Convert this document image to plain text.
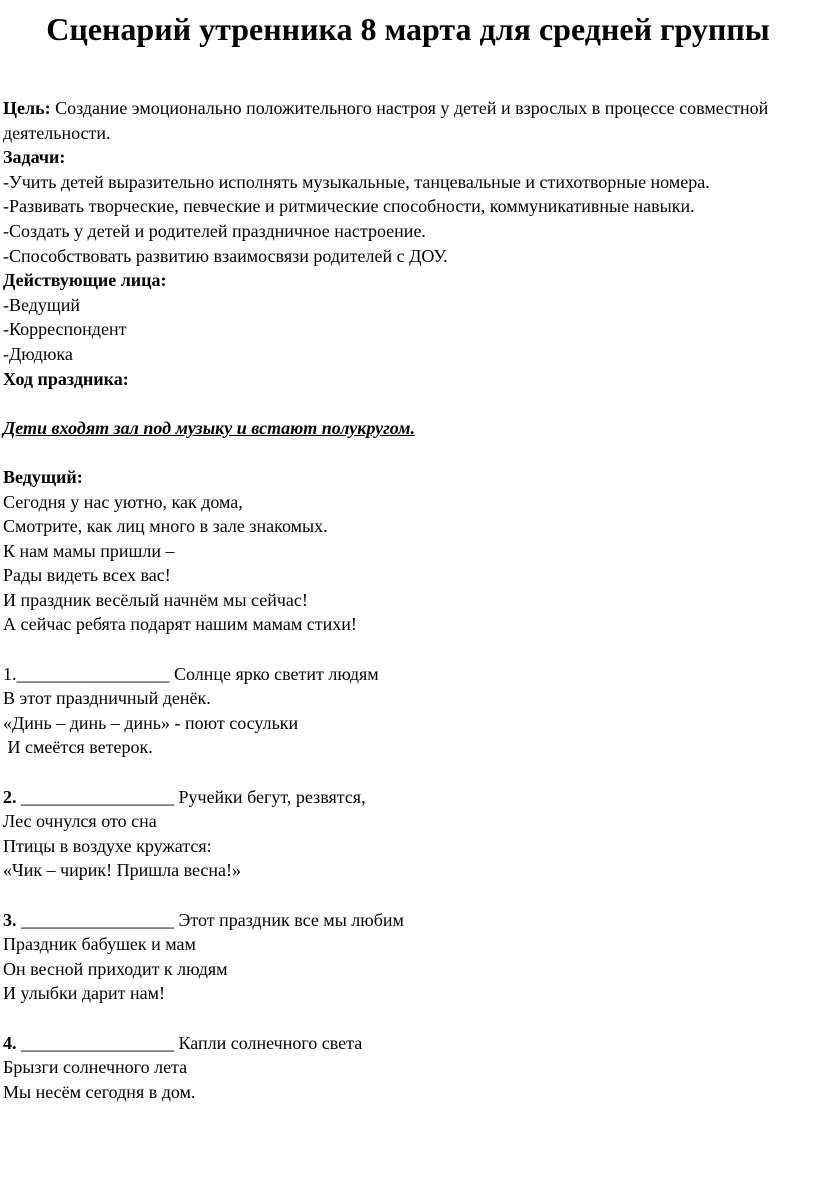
Сценарий утренника 8 марта для средней группы
Цель: Создание эмоционально положительного настроя у детей и взрослых в процессе совместной деятельности.
Задачи:
-Учить детей выразительно исполнять музыкальные, танцевальные и стихотворные номера.
-Развивать творческие, певческие и ритмические способности, коммуникативные навыки.
-Создать у детей и родителей праздничное настроение.
-Способствовать развитию взаимосвязи родителей с ДОУ.
Действующие лица:
-Ведущий
-Корреспондент
-Дюдюка
Ход праздника:
Дети входят зал под музыку и встают полукругом.
Ведущий:
Сегодня у нас уютно, как дома,
Смотрите, как лиц много в зале знакомых.
К нам мамы пришли –
Рады видеть всех вас!
И праздник весёлый начнём мы сейчас!
А сейчас ребята подарят нашим мамам стихи!
1._________________ Солнце ярко светит людям
В этот праздничный денёк.
«Динь – динь – динь» - поют сосульки
И смеётся ветерок.
2. _________________ Ручейки бегут, резвятся,
Лес очнулся ото сна
Птицы в воздухе кружатся:
«Чик – чирик! Пришла весна!»
3. _________________ Этот праздник все мы любим
Праздник бабушек и мам
Он весной приходит к людям
И улыбки дарит нам!
4. _________________ Капли солнечного света
Брызги солнечного лета
Мы несём сегодня в дом.
